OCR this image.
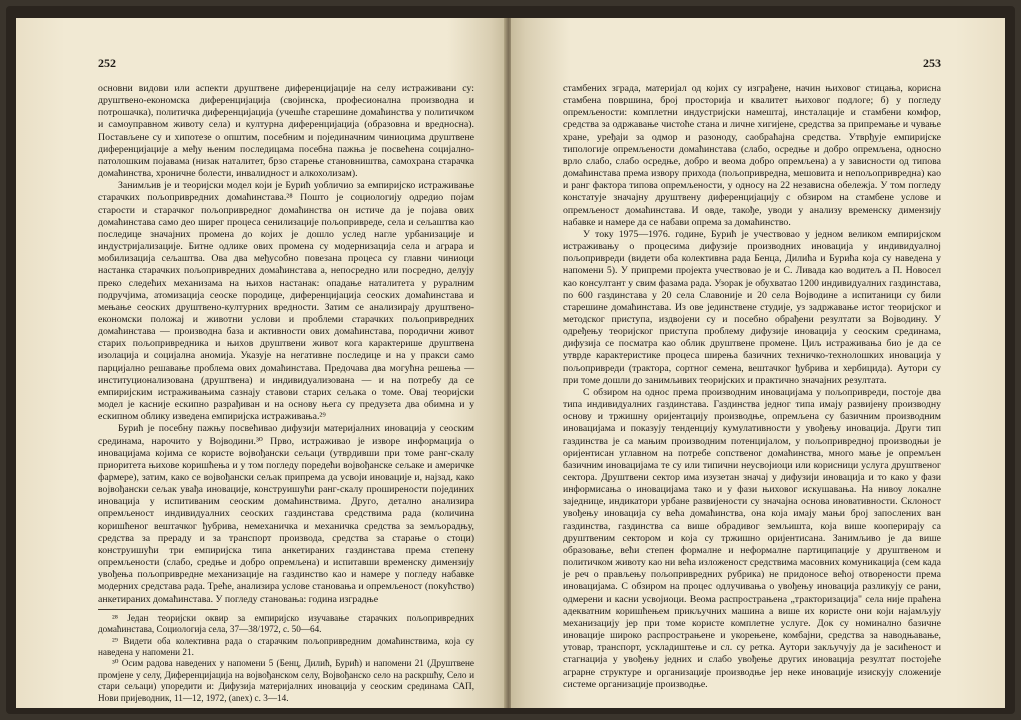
252

основни видови или аспекти друштвене диференцијације на селу истраживани су: друштвено-економска диференцијација (својинска, професионална производна и потрошачка), политичка диференцијација (учешће старешине домаћинства у политичком и самоуправном животу села) и културна диференцијација (образовна и вредносна). Постављене су и хипотезе о општим, посебним и појединачним чиниоцима друштвене диференцијације а међу њеним последицама посебна пажња је посвећена социјално-патолошким појавама (низак наталитет, брзо старење становништва, самохрана старачка домаћинства, хроничне болести, инвалидност и алкохолизам).

Занимљив је и теоријски модел који је Бурић уобличио за емпиријско истраживање старачких пољопривредних домаћинстава.²⁸ Пошто је социологију одредио појам старости и старачког пољопривредног домаћинства он истиче да је појава ових домаћинстава само део ширег процеса сенилизације пољопривреде, села и сељаштва као последице значајних промена до којих је дошло услед нагле урбанизације и индустријализације. Битне одлике ових промена су модернизација села и аграра и мобилизација сељаштва. Ова два међусобно повезана процеса су главни чиниоци настанка старачких пољопривредних домаћинстава а, непосредно или посредно, делују преко следећих механизама на њихов настанак: опадање наталитета у руралним подручјима, атомизација сеоске породице, диференцијација сеоских домаћинстава и мењање сеоских друштвено-културних вредности. Затим се анализирају друштвено-економски положај и животни услови и проблеми старачких пољопривредних домаћинстава — производна база и активности ових домаћинстава, породични живот старих пољопривредника и њихов друштвени живот кога карактерише друштвена изолација и социјална аномија. Указује на негативне последице и на у пракси само парцијално решавање проблема ових домаћинстава. Предочава два могућна решења — институционализована (друштвена) и индивидуализована — и на потребу да се емпиријским истраживањима сазнају ставови старих сељака о томе. Овај теоријски модел је касније ескипно разрађиван и на основу њега су предузета два обимна и у ескипном облику изведена емпиријска истраживања.²⁹

Бурић је посебну пажњу посвећивао дифузији материјалних иновација у сеоским срединама, нарочито у Војводини.³⁰ Прво, истраживао је изворе информација о иновацијама којима се користе војвођански сељаци (утврдивши при томе ранг-скалу приоритета њихове коришћења и у том погледу поредећи војвођанске сељаке и америчке фармере), затим, како се војвођански сељак припрема да усвоји иновације и, најзад, како војвођански сељак увађа иновације, конструишући ранг-скалу проширености појединих иновација у испитиваним сеоским домаћинствима. Друго, детално анализира опремљеност индивидуалних сеоских газдинстава средствима рада (количина коришћеног вештачког ђубрива, немеханичка и механичка средства за земљорадњу, средства за прераду и за транспорт производа, средства за старање о стоци) конструишући три емпиријска типа анкетираних газдинстава према степену опремљености (слабо, средње и добро опремљена) и испитавши временску димензију увођења пољопривредне механизације на газдинство као и намере у погледу набавке модерних средстава рада. Треће, анализира услове становања и опремљеност (покућство) анкетираних домаћинстава. У погледу становања: година изградње

²⁸ Један теоријски оквир за емпиријско изучавање старачких пољопривредних домаћинстава, Социологија села, 37—38/1972, с. 50—64.

²⁹ Видети оба колективна рада о старачким пољопривредним домаћинствима, која су наведена у напомени 21.

³⁰ Осим радова наведених у напомени 5 (Бенц, Дилић, Бурић) и напомени 21 (Друштвене промјене у селу, Диференцијација на војвођанском селу, Војвођанско село на раскршћу, Село и стари сељаци) упоредити и: Дифузија материјалних иновација у сеоским срединама САП, Нови пријеводник, 11—12, 1972, (anex) с. 3—14.

253

стамбених зграда, материјал од којих су изграђене, начин њиховог стицања, корисна стамбена површина, број просторија и квалитет њиховог подлоге; б) у погледу опремљености: комплетни индустријски намештај, инсталације и стамбени комфор, средства за одржавање чистоће стана и личне хигијене, средства за припремање и чување хране, уређаји за одмор и разоноду, саобраћајна средства. Утврђује емпиријске типологије опремљености домаћинстава (слабо, осредње и добро опремљена, односно врло слабо, слабо осредње, добро и веома добро опремљена) а у зависности од типова домаћинстава према извору прихода (пољопривредна, мешовита и непољопривредна) као и ранг фактора типова опремљености, у односу на 22 независна обележја. У том погледу констатује значајну друштвену диференцијацију с обзиром на стамбене услове и опремљеност домаћинстава. И овде, такође, уводи у анализу временску димензију набавке и намере да се набави опрема за домаћинство.

У току 1975—1976. године, Бурић је учествовао у једном великом емпиријском истраживању о процесима дифузије производних иновација у индивидуалној пољопривреди (видети оба колективна рада Бенца, Дилића и Бурића која су наведена у напомени 5). У припреми пројекта учествовао је и С. Ливада као водитељ а П. Новосел као консултант у свим фазама рада. Узорак је обухватао 1200 индивидуалних газдинстава, по 600 газдинстава у 20 села Славоније и 20 села Војводине а испитаници су били старешине домаћинстава. Из ове јединствене студије, уз задржавање истог теоријског и методског приступа, издвојени су и посебно обрађени резултати за Војводину. У одређењу теоријског приступа проблему дифузије иновација у сеоским срединама, дифузија се посматра као облик друштвене промене. Циљ истраживања био је да се утврде карактеристике процеса ширења базичних техничко-технолошких иновација у пољопривреди (трактора, сортног семена, вештачког ђубрива и хербицида). Аутори су при томе дошли до занимљивих теоријских и практично значајних резултата.

С обзиром на однос према производним иновацијама у пољопривреди, постоје два типа индивидуалних газдинстава. Газдинства једног типа имају развијену производну основу и тржишну оријентацију производње, опремљена су базичним производним иновацијама и показују тенденцију кумулативности у увођењу иновација. Други тип газдинства је са мањим производним потенцијалом, у пољопривредној производњи је оријентисан углавном на потребе сопственог домаћинства, много мање је опремљен базичним иновацијама те су или типични неусвојиоци или корисници услуга друштвеног сектора. Друштвени сектор има изузетан значај у дифузији иновација и то како у фази информисања о иновацијама тако и у фази њиховог искушавања. На нивоу локалне заједнице, индикатори урбане развијености су значајна основа иновативности. Склоност увођењу иновација су већа домаћинства, она која имају мањи број запослених ван газдинства, газдинства са више обрадивог земљишта, која више кооперирају са друштвеним сектором и која су тржишно оријентисана. Занимљиво је да више образовање, већи степен формалне и неформалне партиципације у друштвеном и политичком животу као ни већа изложеност средствима масовних комуникација (сем када је реч о прављењу пољопривредних рубрика) не придоносе већој отворености према иновацијама. С обзиром на процес одлучивања о увођењу иновација разликују се рани, одмерени и касни усвојиоци. Веома распрострањена „тракторизација" села није праћена адекватним коришћењем прикључних машина а више их користе они који најамљују механизацију јер при томе користе комплетне услуге. Док су номинално базичне иновације широко распрострањене и укорењене, комбајни, средства за наводњавање, утовар, транспорт, ускладиштење и сл. су ретка. Аутори закључују да је засићеност и стагнација у увођењу једних и слабо увођење других иновација резултат постојеће аграрне структуре и организације производње јер неке иновације изискују сложеније системе организације производње.
